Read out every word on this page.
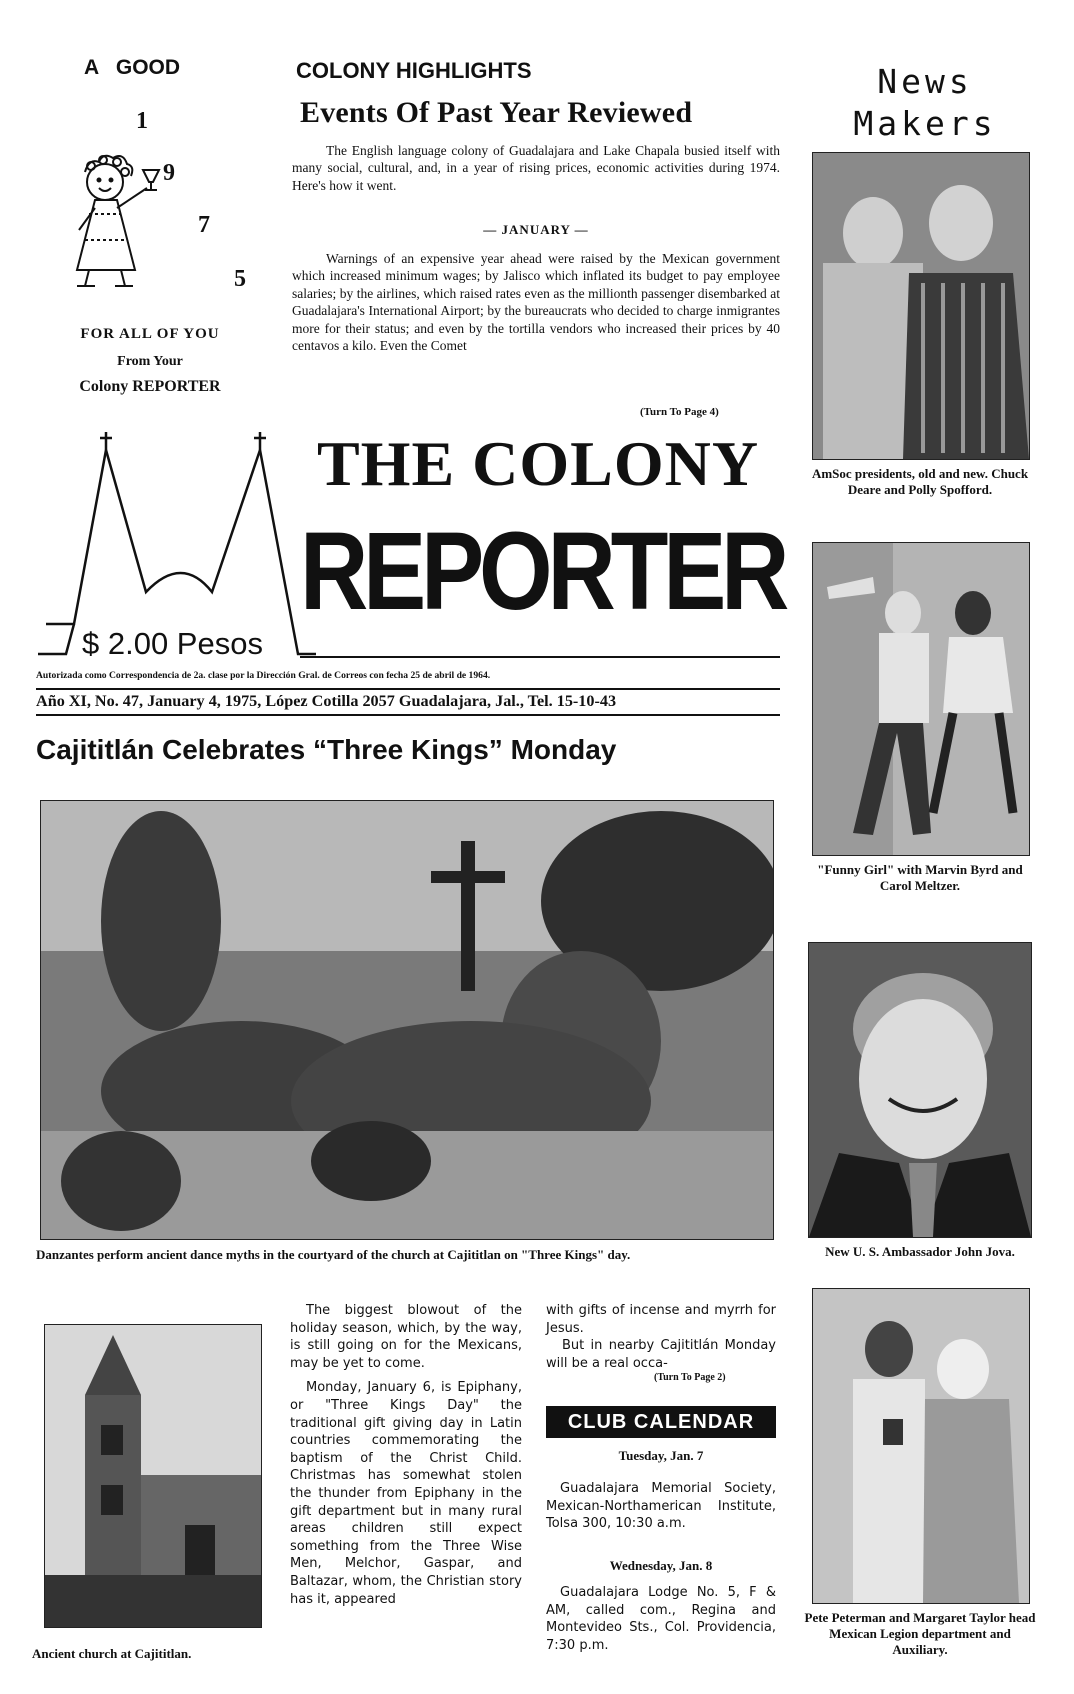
A   GOOD
1
9
7
5
FOR ALL OF YOU
From Your
Colony REPORTER
COLONY HIGHLIGHTS
Events Of Past Year Reviewed

The English language colony of Guadalajara and Lake Chapala busied itself with many social, cultural, and, in a year of rising prices, economic activities during 1974. Here's how it went.

— JANUARY —

Warnings of an expensive year ahead were raised by the Mexican government which increased minimum wages; by Jalisco which inflated its budget to pay employee salaries; by the airlines, which raised rates even as the millionth passenger disembarked at Guadalajara's International Airport; by the bureaucrats who decided to charge inmigrantes more for their status; and even by the tortilla vendors who increased their prices by 40 centavos a kilo. Even the Comet

(Turn To Page 4)
$ 2.00 Pesos
THE COLONY
REPORTER
Autorizada como Correspondencia de 2a. clase por la Dirección Gral. de Correos con fecha 25 de abril de 1964.
Año XI, No. 47, January 4, 1975, López Cotilla 2057 Guadalajara, Jal., Tel. 15-10-43
Cajititlán Celebrates “Three Kings” Monday
Danzantes perform ancient dance myths in the courtyard of the church at Cajititlan on "Three Kings" day.
Ancient church at Cajititlan.

The biggest blowout of the holiday season, which, by the way, is still going on for the Mexicans, may be yet to come.

Monday, January 6, is Epiphany, or "Three Kings Day" the traditional gift giving day in Latin countries commemorating the baptism of the Christ Child. Christmas has somewhat stolen the thunder from Epiphany in the gift department but in many rural areas children still expect something from the Three Wise Men, Melchor, Gaspar, and Baltazar, whom, the Christian story has it, appeared

with gifts of incense and myrrh for Jesus.

But in nearby Cajititlán Monday will be a real occa-

(Turn To Page 2)
CLUB CALENDAR
Tuesday, Jan. 7

Guadalajara Memorial Society, Mexican-Northamerican Institute, Tolsa 300, 10:30 a.m.

Wednesday, Jan. 8

Guadalajara Lodge No. 5, F & AM, called com., Regina and Montevideo Sts., Col. Providencia, 7:30 p.m.

News
Makers
AmSoc presidents, old and new. Chuck Deare and Polly Spofford.
"Funny Girl" with Marvin Byrd and Carol Meltzer.
New U. S. Ambassador John Jova.
Pete Peterman and Margaret Taylor head Mexican Legion department and Auxiliary.
